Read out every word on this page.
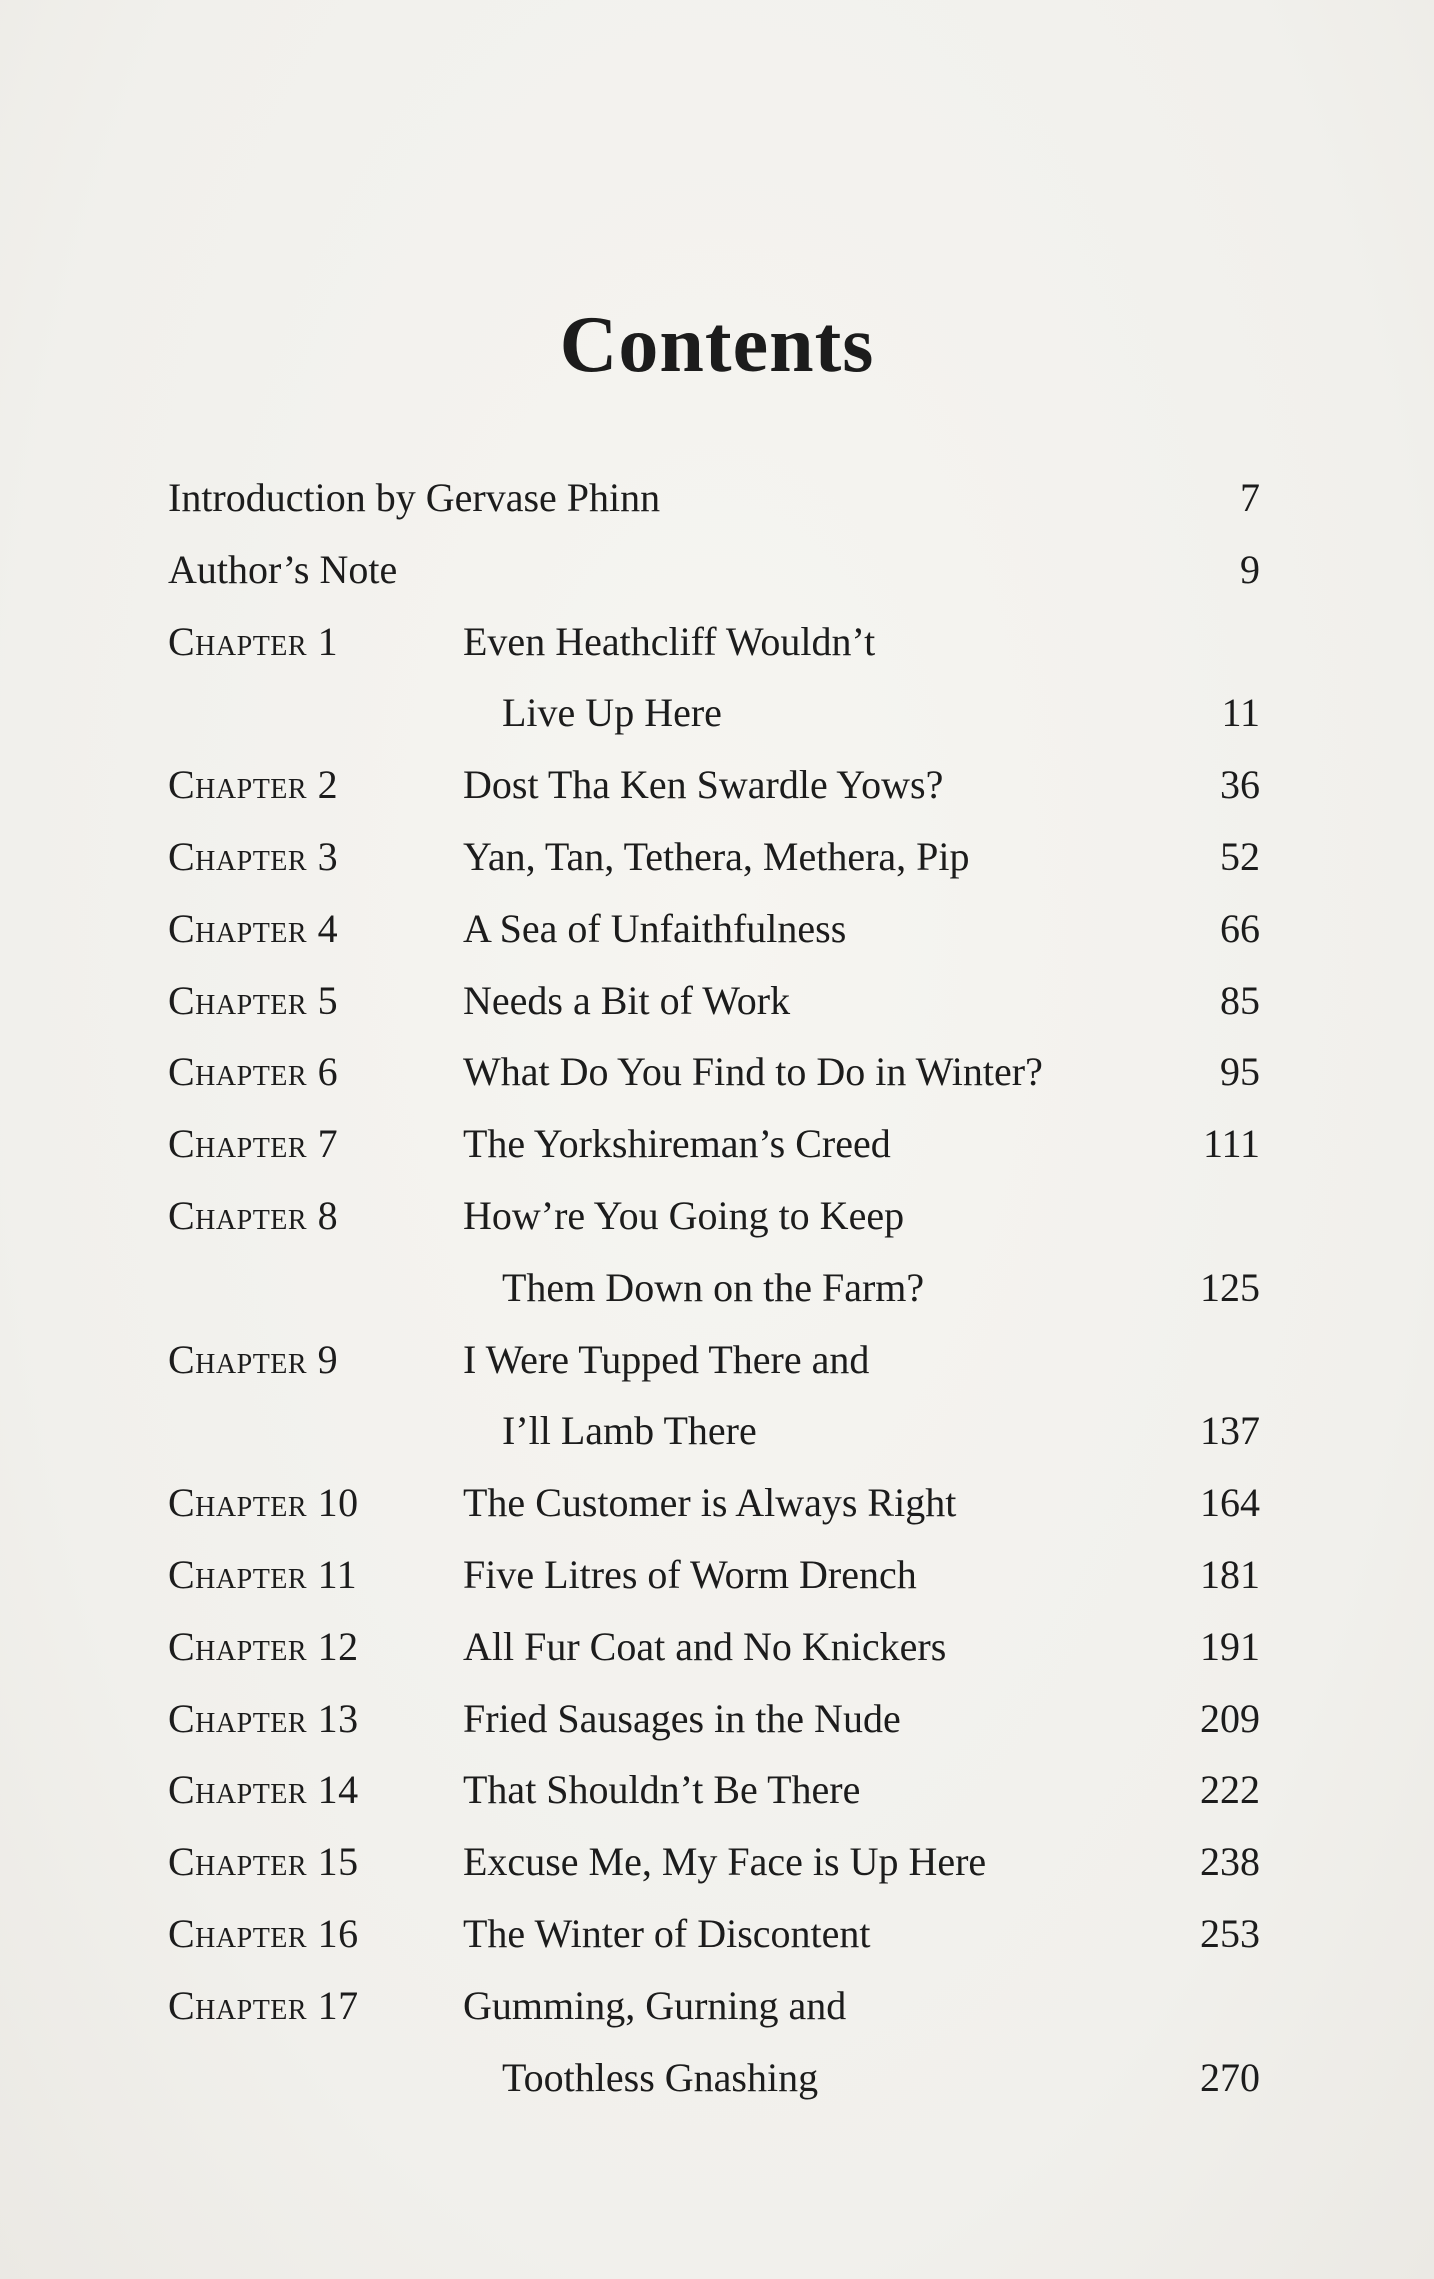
Contents
Introduction by Gervase Phinn	7
Author’s Note	9
Chapter 1	Even Heathcliff Wouldn’t
Live Up Here	11
Chapter 2	Dost Tha Ken Swardle Yows?	36
Chapter 3	Yan, Tan, Tethera, Methera, Pip	52
Chapter 4	A Sea of Unfaithfulness	66
Chapter 5	Needs a Bit of Work	85
Chapter 6	What Do You Find to Do in Winter?	95
Chapter 7	The Yorkshireman’s Creed	111
Chapter 8	How’re You Going to Keep
Them Down on the Farm?	125
Chapter 9	I Were Tupped There and
I’ll Lamb There	137
Chapter 10	The Customer is Always Right	164
Chapter 11	Five Litres of Worm Drench	181
Chapter 12	All Fur Coat and No Knickers	191
Chapter 13	Fried Sausages in the Nude	209
Chapter 14	That Shouldn’t Be There	222
Chapter 15	Excuse Me, My Face is Up Here	238
Chapter 16	The Winter of Discontent	253
Chapter 17	Gumming, Gurning and
Toothless Gnashing	270
